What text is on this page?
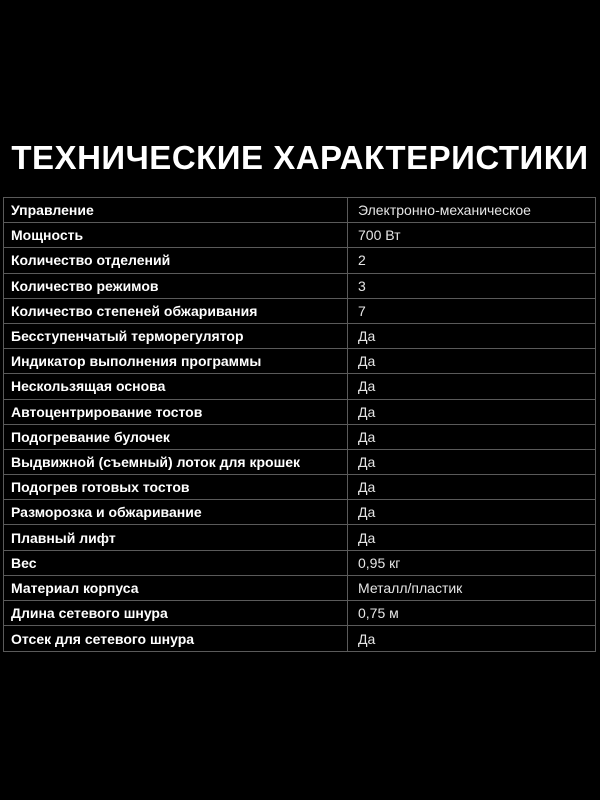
ТЕХНИЧЕСКИЕ ХАРАКТЕРИСТИКИ
Управление	Электронно-механическое
Мощность	700 Вт
Количество отделений	2
Количество режимов	3
Количество степеней обжаривания	7
Бесступенчатый терморегулятор	Да
Индикатор выполнения программы	Да
Нескользящая основа	Да
Автоцентрирование тостов	Да
Подогревание булочек	Да
Выдвижной (съемный) лоток для крошек	Да
Подогрев готовых тостов	Да
Разморозка и обжаривание	Да
Плавный лифт	Да
Вес	0,95 кг
Материал корпуса	Металл/пластик
Длина сетевого шнура	0,75 м
Отсек для сетевого шнура	Да
